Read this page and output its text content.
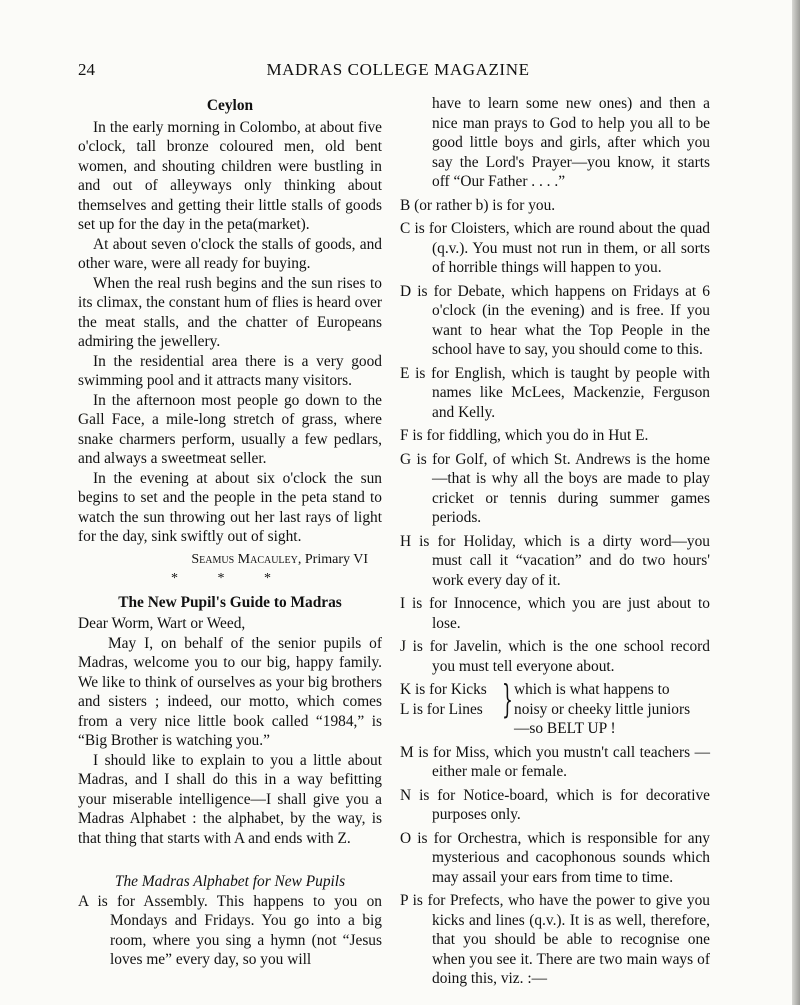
24	MADRAS COLLEGE MAGAZINE

Ceylon

In the early morning in Colombo, at about five o'clock, tall bronze coloured men, old bent women, and shouting children were bustling in and out of alleyways only thinking about themselves and getting their little stalls of goods set up for the day in the peta(market).

At about seven o'clock the stalls of goods, and other ware, were all ready for buying.

When the real rush begins and the sun rises to its climax, the constant hum of flies is heard over the meat stalls, and the chatter of Europeans admiring the jewellery.

In the residential area there is a very good swimming pool and it attracts many visitors.

In the afternoon most people go down to the Gall Face, a mile-long stretch of grass, where snake charmers perform, usually a few pedlars, and always a sweetmeat seller.

In the evening at about six o'clock the sun begins to set and the people in the peta stand to watch the sun throwing out her last rays of light for the day, sink swiftly out of sight.

Seamus Macauley, Primary VI

* * *

The New Pupil's Guide to Madras

Dear Worm, Wart or Weed,

May I, on behalf of the senior pupils of Madras, welcome you to our big, happy family. We like to think of ourselves as your big brothers and sisters ; indeed, our motto, which comes from a very nice little book called “1984,” is “Big Brother is watching you.”

I should like to explain to you a little about Madras, and I shall do this in a way befitting your miserable intelligence—I shall give you a Madras Alphabet : the alphabet, by the way, is that thing that starts with A and ends with Z.

The Madras Alphabet for New Pupils

A is for Assembly. This happens to you on Mondays and Fridays. You go into a big room, where you sing a hymn (not “Jesus loves me” every day, so you will

have to learn some new ones) and then a nice man prays to God to help you all to be good little boys and girls, after which you say the Lord's Prayer—you know, it starts off “Our Father . . . .”

B (or rather b) is for you.

C is for Cloisters, which are round about the quad (q.v.). You must not run in them, or all sorts of horrible things will happen to you.

D is for Debate, which happens on Fridays at 6 o'clock (in the evening) and is free. If you want to hear what the Top People in the school have to say, you should come to this.

E is for English, which is taught by people with names like McLees, Mackenzie, Ferguson and Kelly.

F is for fiddling, which you do in Hut E.

G is for Golf, of which St. Andrews is the home—that is why all the boys are made to play cricket or tennis during summer games periods.

H is for Holiday, which is a dirty word—you must call it “vacation” and do two hours' work every day of it.

I is for Innocence, which you are just about to lose.

J is for Javelin, which is the one school record you must tell everyone about.

K is for Kicks
L is for Lines } which is what happens to
noisy or cheeky little juniors
—so BELT UP !

M is for Miss, which you mustn't call teachers —either male or female.

N is for Notice-board, which is for decorative purposes only.

O is for Orchestra, which is responsible for any mysterious and cacophonous sounds which may assail your ears from time to time.

P is for Prefects, who have the power to give you kicks and lines (q.v.). It is as well, therefore, that you should be able to recognise one when you see it. There are two main ways of doing this, viz. :—
